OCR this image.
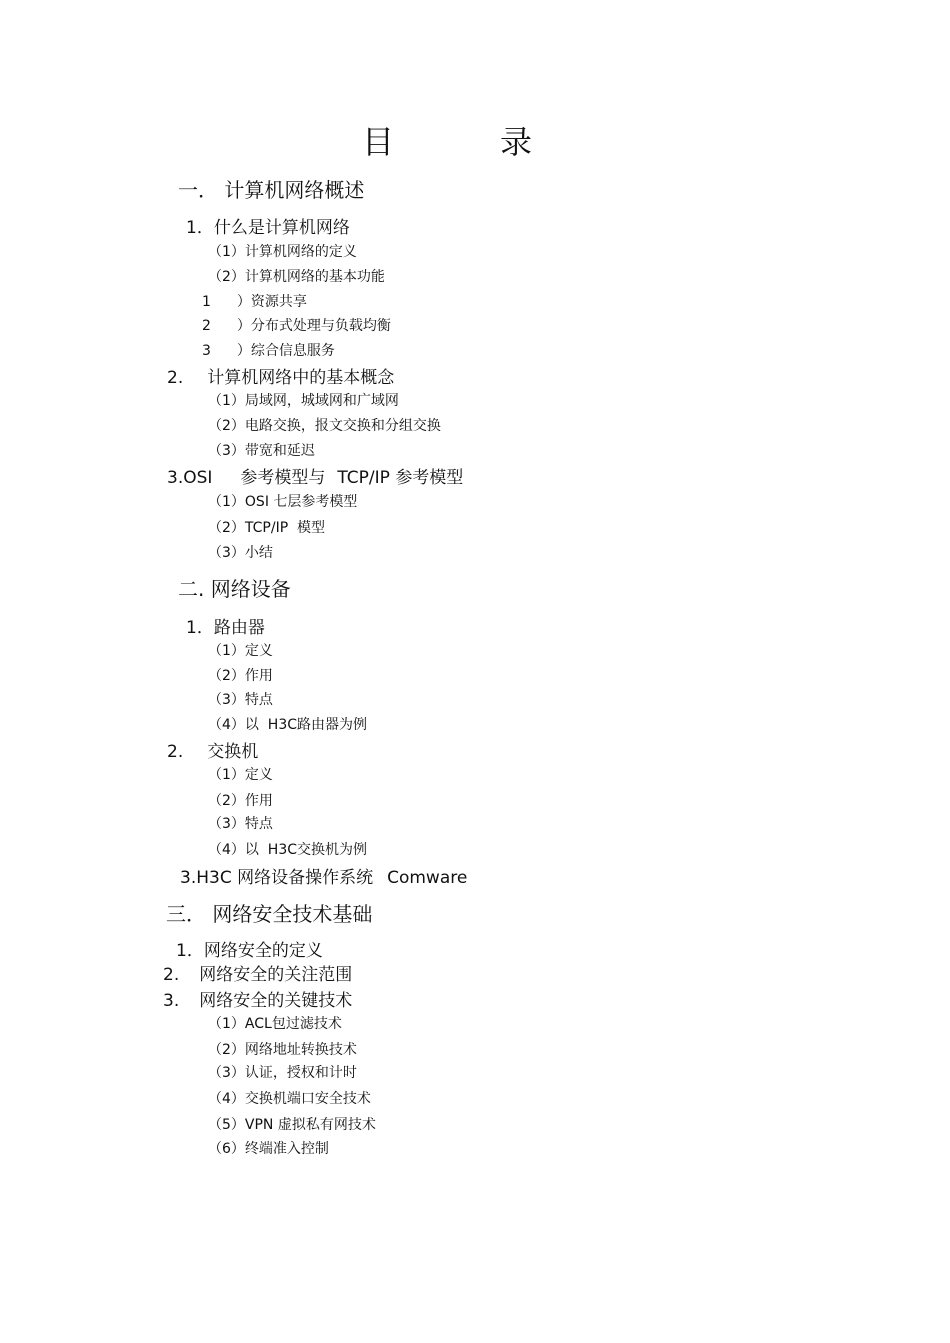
目	录
一． 计算机网络概述
1．什么是计算机网络
（1）计算机网络的定义
（2）计算机网络的基本功能
1 ）资源共享
2 ）分布式处理与负载均衡
3 ）综合信息服务
2. 计算机网络中的基本概念
（1）局域网，城域网和广域网
（2）电路交换，报文交换和分组交换
（3）带宽和延迟
3.OSI 参考模型与 TCP/IP 参考模型
（1）OSI 七层参考模型
（2）TCP/IP  模型
（3）小结
二. 网络设备
1．路由器
（1）定义
（2）作用
（3）特点
（4）以  H3C路由器为例
2. 交换机
（1）定义
（2）作用
（3）特点
（4）以  H3C交换机为例
3.H3C 网络设备操作系统 Comware
三． 网络安全技术基础
1．网络安全的定义
2. 网络安全的关注范围
3. 网络安全的关键技术
（1）ACL包过滤技术
（2）网络地址转换技术
（3）认证，授权和计时
（4）交换机端口安全技术
（5）VPN 虚拟私有网技术
（6）终端准入控制
